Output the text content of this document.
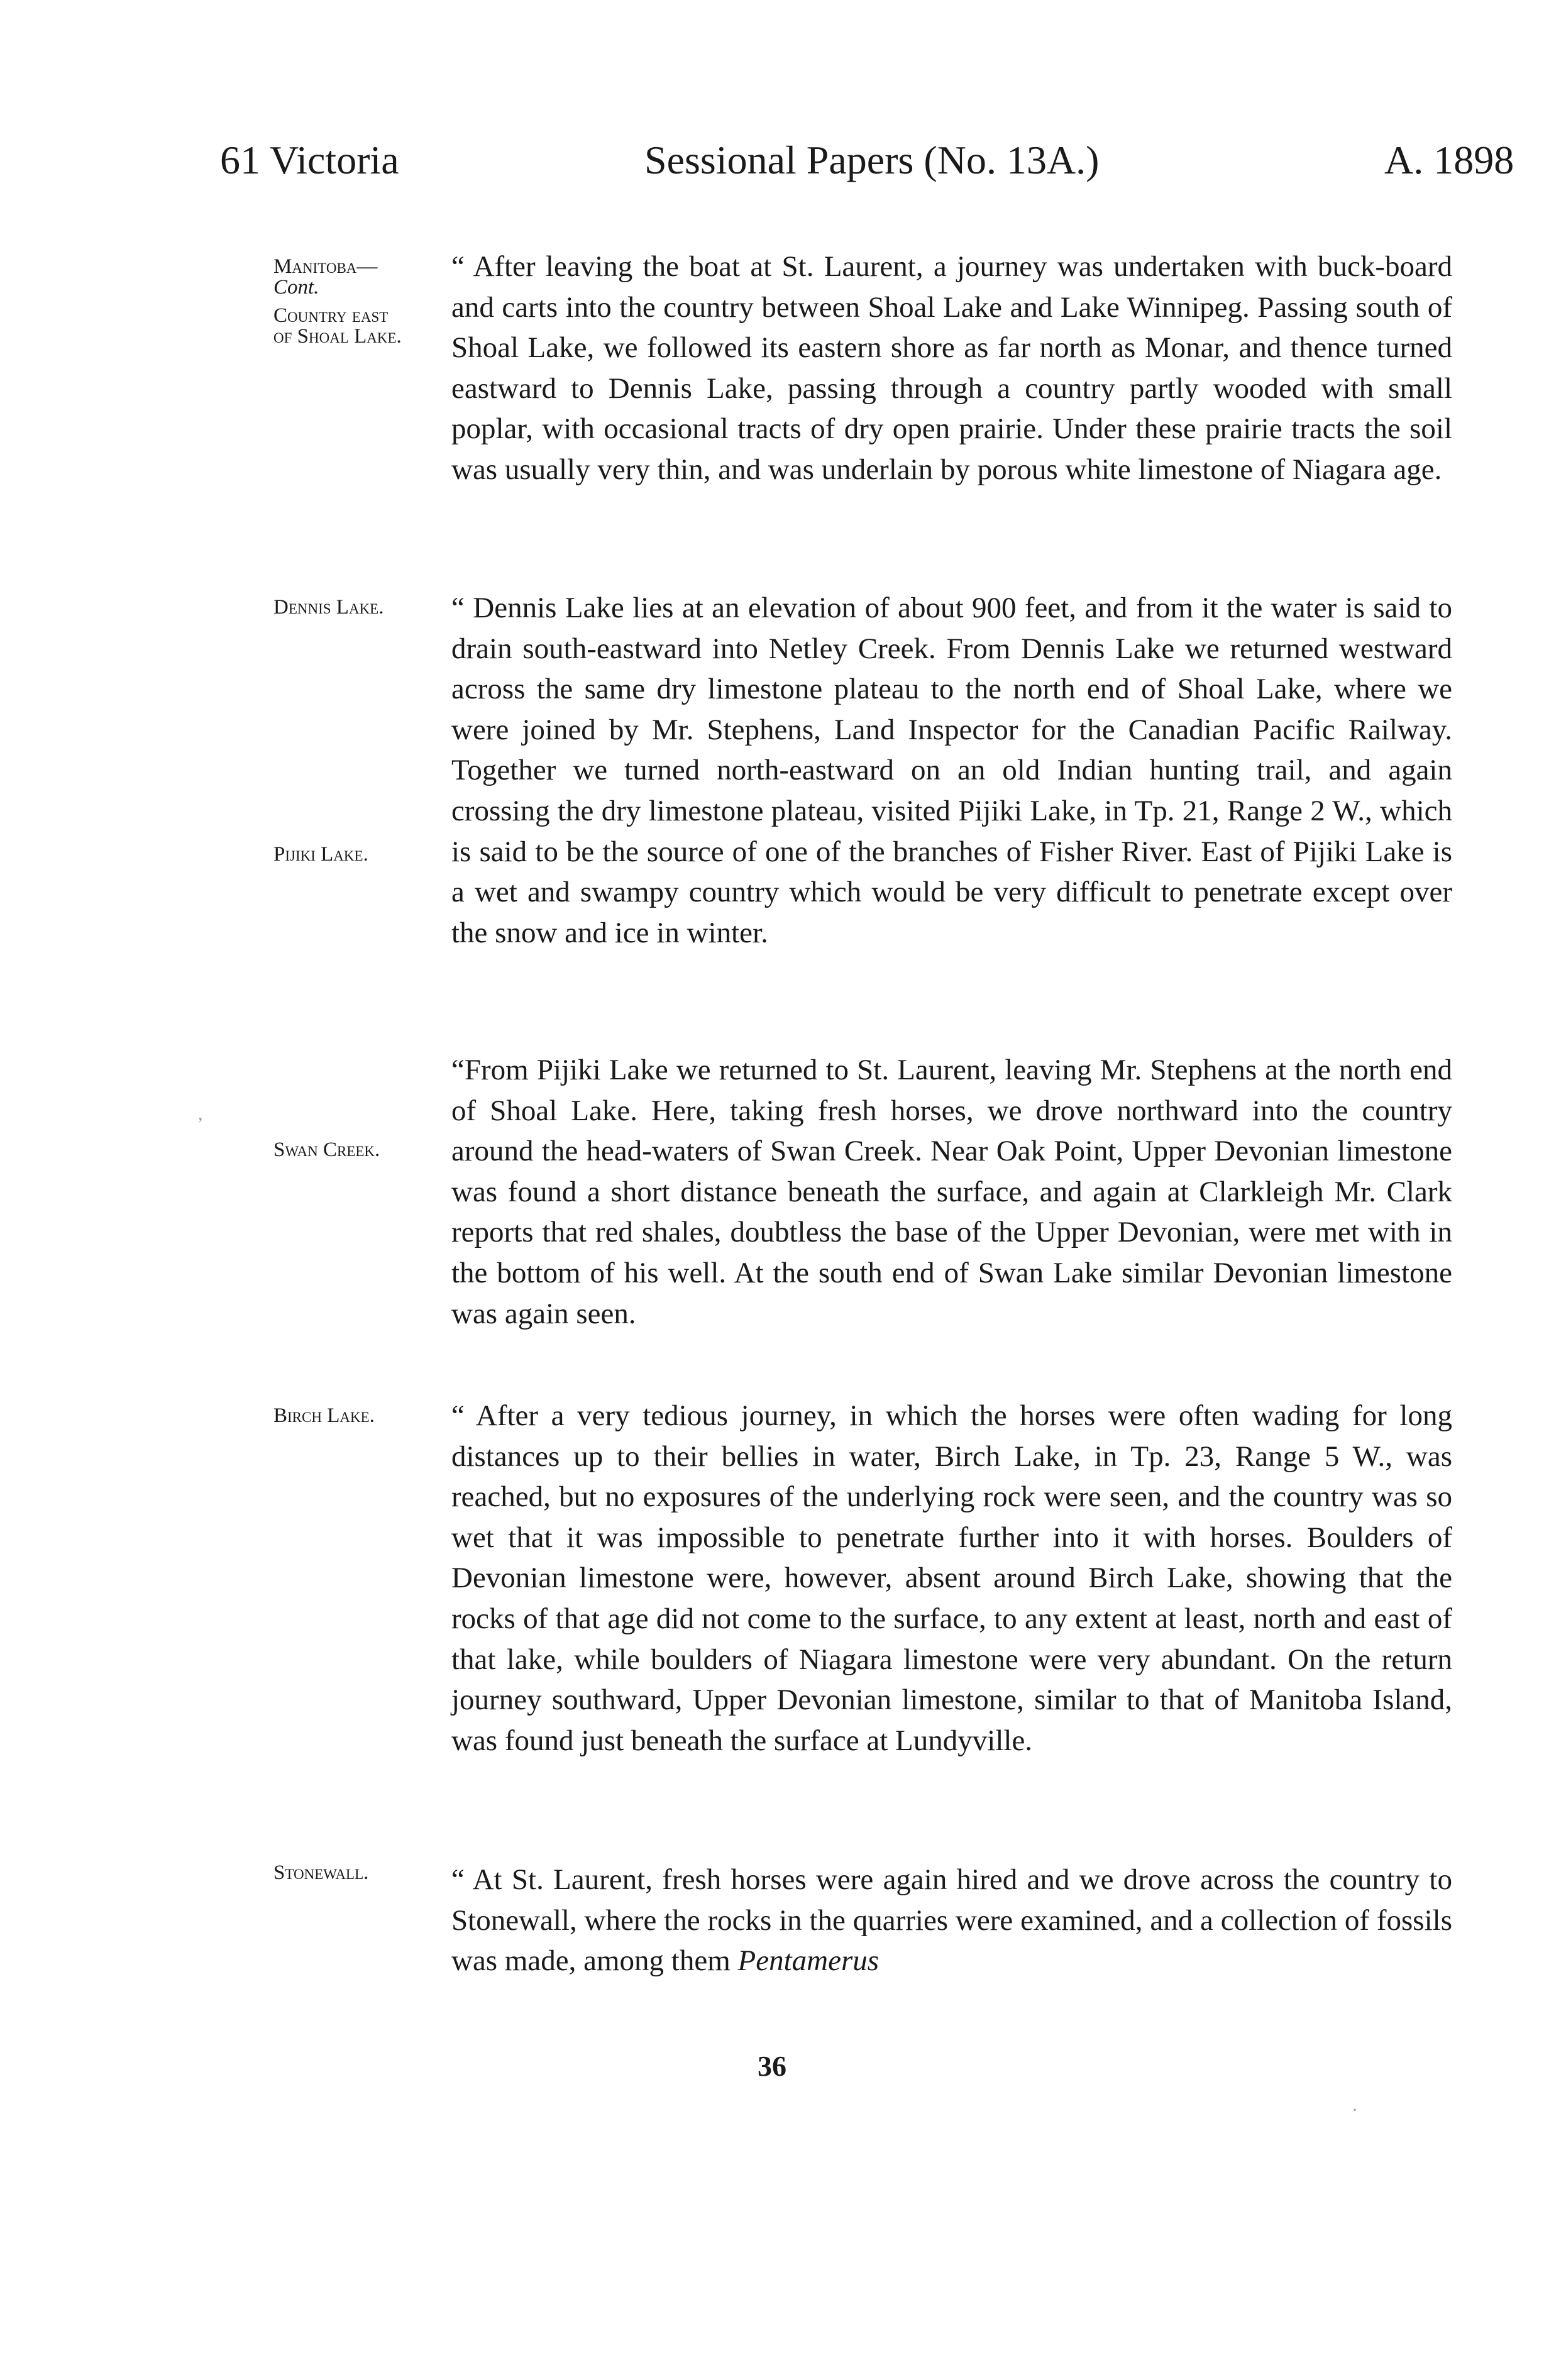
61 Victoria	Sessional Papers (No. 13A.)	A. 1898
Manitoba—
Cont.
Country east
of Shoal Lake.
Dennis Lake.
Pijiki Lake.
Swan Creek.
Birch Lake.
Stonewall.

“ After leaving the boat at St. Laurent, a journey was undertaken with buck-board and carts into the country between Shoal Lake and Lake Winnipeg. Passing south of Shoal Lake, we followed its eastern shore as far north as Monar, and thence turned eastward to Dennis Lake, passing through a country partly wooded with small poplar, with occasional tracts of dry open prairie. Under these prairie tracts the soil was usually very thin, and was underlain by porous white limestone of Niagara age.

“ Dennis Lake lies at an elevation of about 900 feet, and from it the water is said to drain south-eastward into Netley Creek. From Dennis Lake we returned westward across the same dry limestone plateau to the north end of Shoal Lake, where we were joined by Mr. Stephens, Land Inspector for the Canadian Pacific Railway. Together we turned north-eastward on an old Indian hunting trail, and again crossing the dry limestone plateau, visited Pijiki Lake, in Tp. 21, Range 2 W., which is said to be the source of one of the branches of Fisher River. East of Pijiki Lake is a wet and swampy country which would be very difficult to penetrate except over the snow and ice in winter.

“From Pijiki Lake we returned to St. Laurent, leaving Mr. Stephens at the north end of Shoal Lake. Here, taking fresh horses, we drove northward into the country around the head-waters of Swan Creek. Near Oak Point, Upper Devonian limestone was found a short distance beneath the surface, and again at Clarkleigh Mr. Clark reports that red shales, doubtless the base of the Upper Devonian, were met with in the bottom of his well. At the south end of Swan Lake similar Devonian limestone was again seen.

“ After a very tedious journey, in which the horses were often wading for long distances up to their bellies in water, Birch Lake, in Tp. 23, Range 5 W., was reached, but no exposures of the underlying rock were seen, and the country was so wet that it was impossible to penetrate further into it with horses. Boulders of Devonian limestone were, however, absent around Birch Lake, showing that the rocks of that age did not come to the surface, to any extent at least, north and east of that lake, while boulders of Niagara limestone were very abundant. On the return journey southward, Upper Devonian limestone, similar to that of Manitoba Island, was found just beneath the surface at Lundyville.

“ At St. Laurent, fresh horses were again hired and we drove across the country to Stonewall, where the rocks in the quarries were examined, and a collection of fossils was made, among them Pentamerus

36
,
·
